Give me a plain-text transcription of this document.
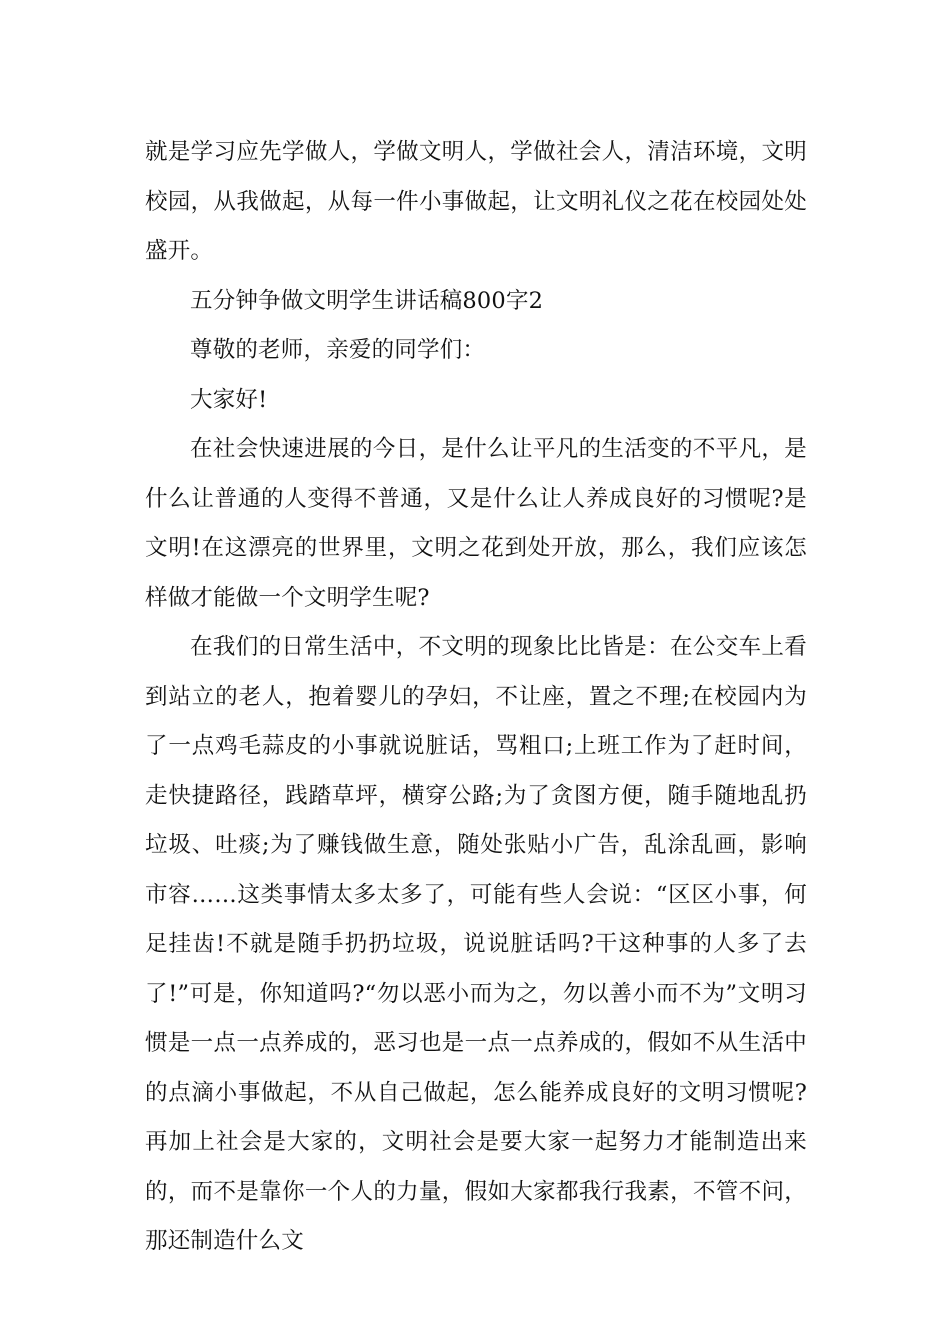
就是学习应先学做人，学做文明人，学做社会人，清洁环境，文明校园，从我做起，从每一件小事做起，让文明礼仪之花在校园处处盛开。

五分钟争做文明学生讲话稿800字2

尊敬的老师，亲爱的同学们：

大家好!

在社会快速进展的今日，是什么让平凡的生活变的不平凡，是什么让普通的人变得不普通，又是什么让人养成良好的习惯呢?是文明!在这漂亮的世界里，文明之花到处开放，那么，我们应该怎样做才能做一个文明学生呢?

在我们的日常生活中，不文明的现象比比皆是：在公交车上看到站立的老人，抱着婴儿的孕妇，不让座，置之不理;在校园内为了一点鸡毛蒜皮的小事就说脏话，骂粗口;上班工作为了赶时间，走快捷路径，践踏草坪，横穿公路;为了贪图方便，随手随地乱扔垃圾、吐痰;为了赚钱做生意，随处张贴小广告，乱涂乱画，影响市容……这类事情太多太多了，可能有些人会说：“区区小事，何足挂齿!不就是随手扔扔垃圾，说说脏话吗?干这种事的人多了去了!”可是，你知道吗?“勿以恶小而为之，勿以善小而不为”文明习惯是一点一点养成的，恶习也是一点一点养成的，假如不从生活中的点滴小事做起，不从自己做起，怎么能养成良好的文明习惯呢?再加上社会是大家的，文明社会是要大家一起努力才能制造出来的，而不是靠你一个人的力量，假如大家都我行我素，不管不问，那还制造什么文
